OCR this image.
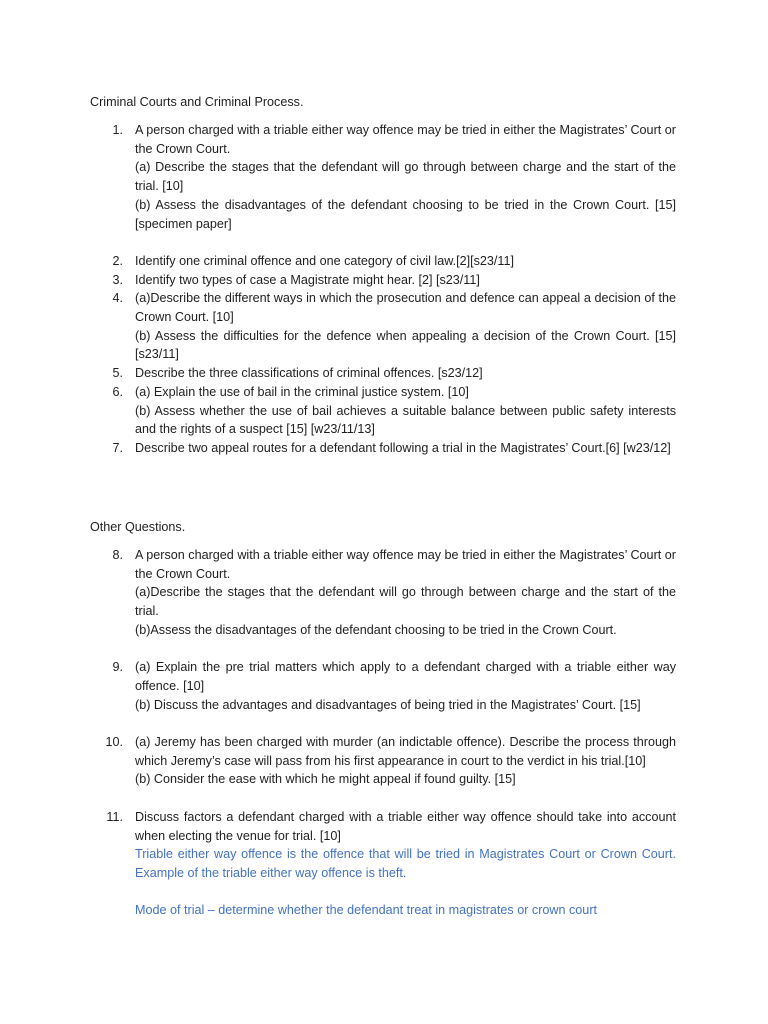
Criminal Courts and Criminal Process.

1. A person charged with a triable either way offence may be tried in either the Magistrates’ Court or the Crown Court.
(a) Describe the stages that the defendant will go through between charge and the start of the trial. [10]
(b) Assess the disadvantages of the defendant choosing to be tried in the Crown Court. [15] [specimen paper]
2. Identify one criminal offence and one category of civil law.[2][s23/11]
3. Identify two types of case a Magistrate might hear. [2] [s23/11]
4. (a)Describe the different ways in which the prosecution and defence can appeal a decision of the Crown Court. [10]
(b) Assess the difficulties for the defence when appealing a decision of the Crown Court. [15] [s23/11]
5. Describe the three classifications of criminal offences. [s23/12]
6. (a) Explain the use of bail in the criminal justice system. [10]
(b) Assess whether the use of bail achieves a suitable balance between public safety interests and the rights of a suspect [15] [w23/11/13]
7. Describe two appeal routes for a defendant following a trial in the Magistrates’ Court.[6] [w23/12]

Other Questions.

8. A person charged with a triable either way offence may be tried in either the Magistrates’ Court or the Crown Court.
(a)Describe the stages that the defendant will go through between charge and the start of the trial.
(b)Assess the disadvantages of the defendant choosing to be tried in the Crown Court.
9. (a) Explain the pre trial matters which apply to a defendant charged with a triable either way offence. [10]
(b) Discuss the advantages and disadvantages of being tried in the Magistrates’ Court. [15]
10. (a) Jeremy has been charged with murder (an indictable offence). Describe the process through which Jeremy’s case will pass from his first appearance in court to the verdict in his trial.[10]
(b) Consider the ease with which he might appeal if found guilty. [15]
11. Discuss factors a defendant charged with a triable either way offence should take into account when electing the venue for trial. [10]
Triable either way offence is the offence that will be tried in Magistrates Court or Crown Court. Example of the triable either way offence is theft.
Mode of trial – determine whether the defendant treat in magistrates or crown court
